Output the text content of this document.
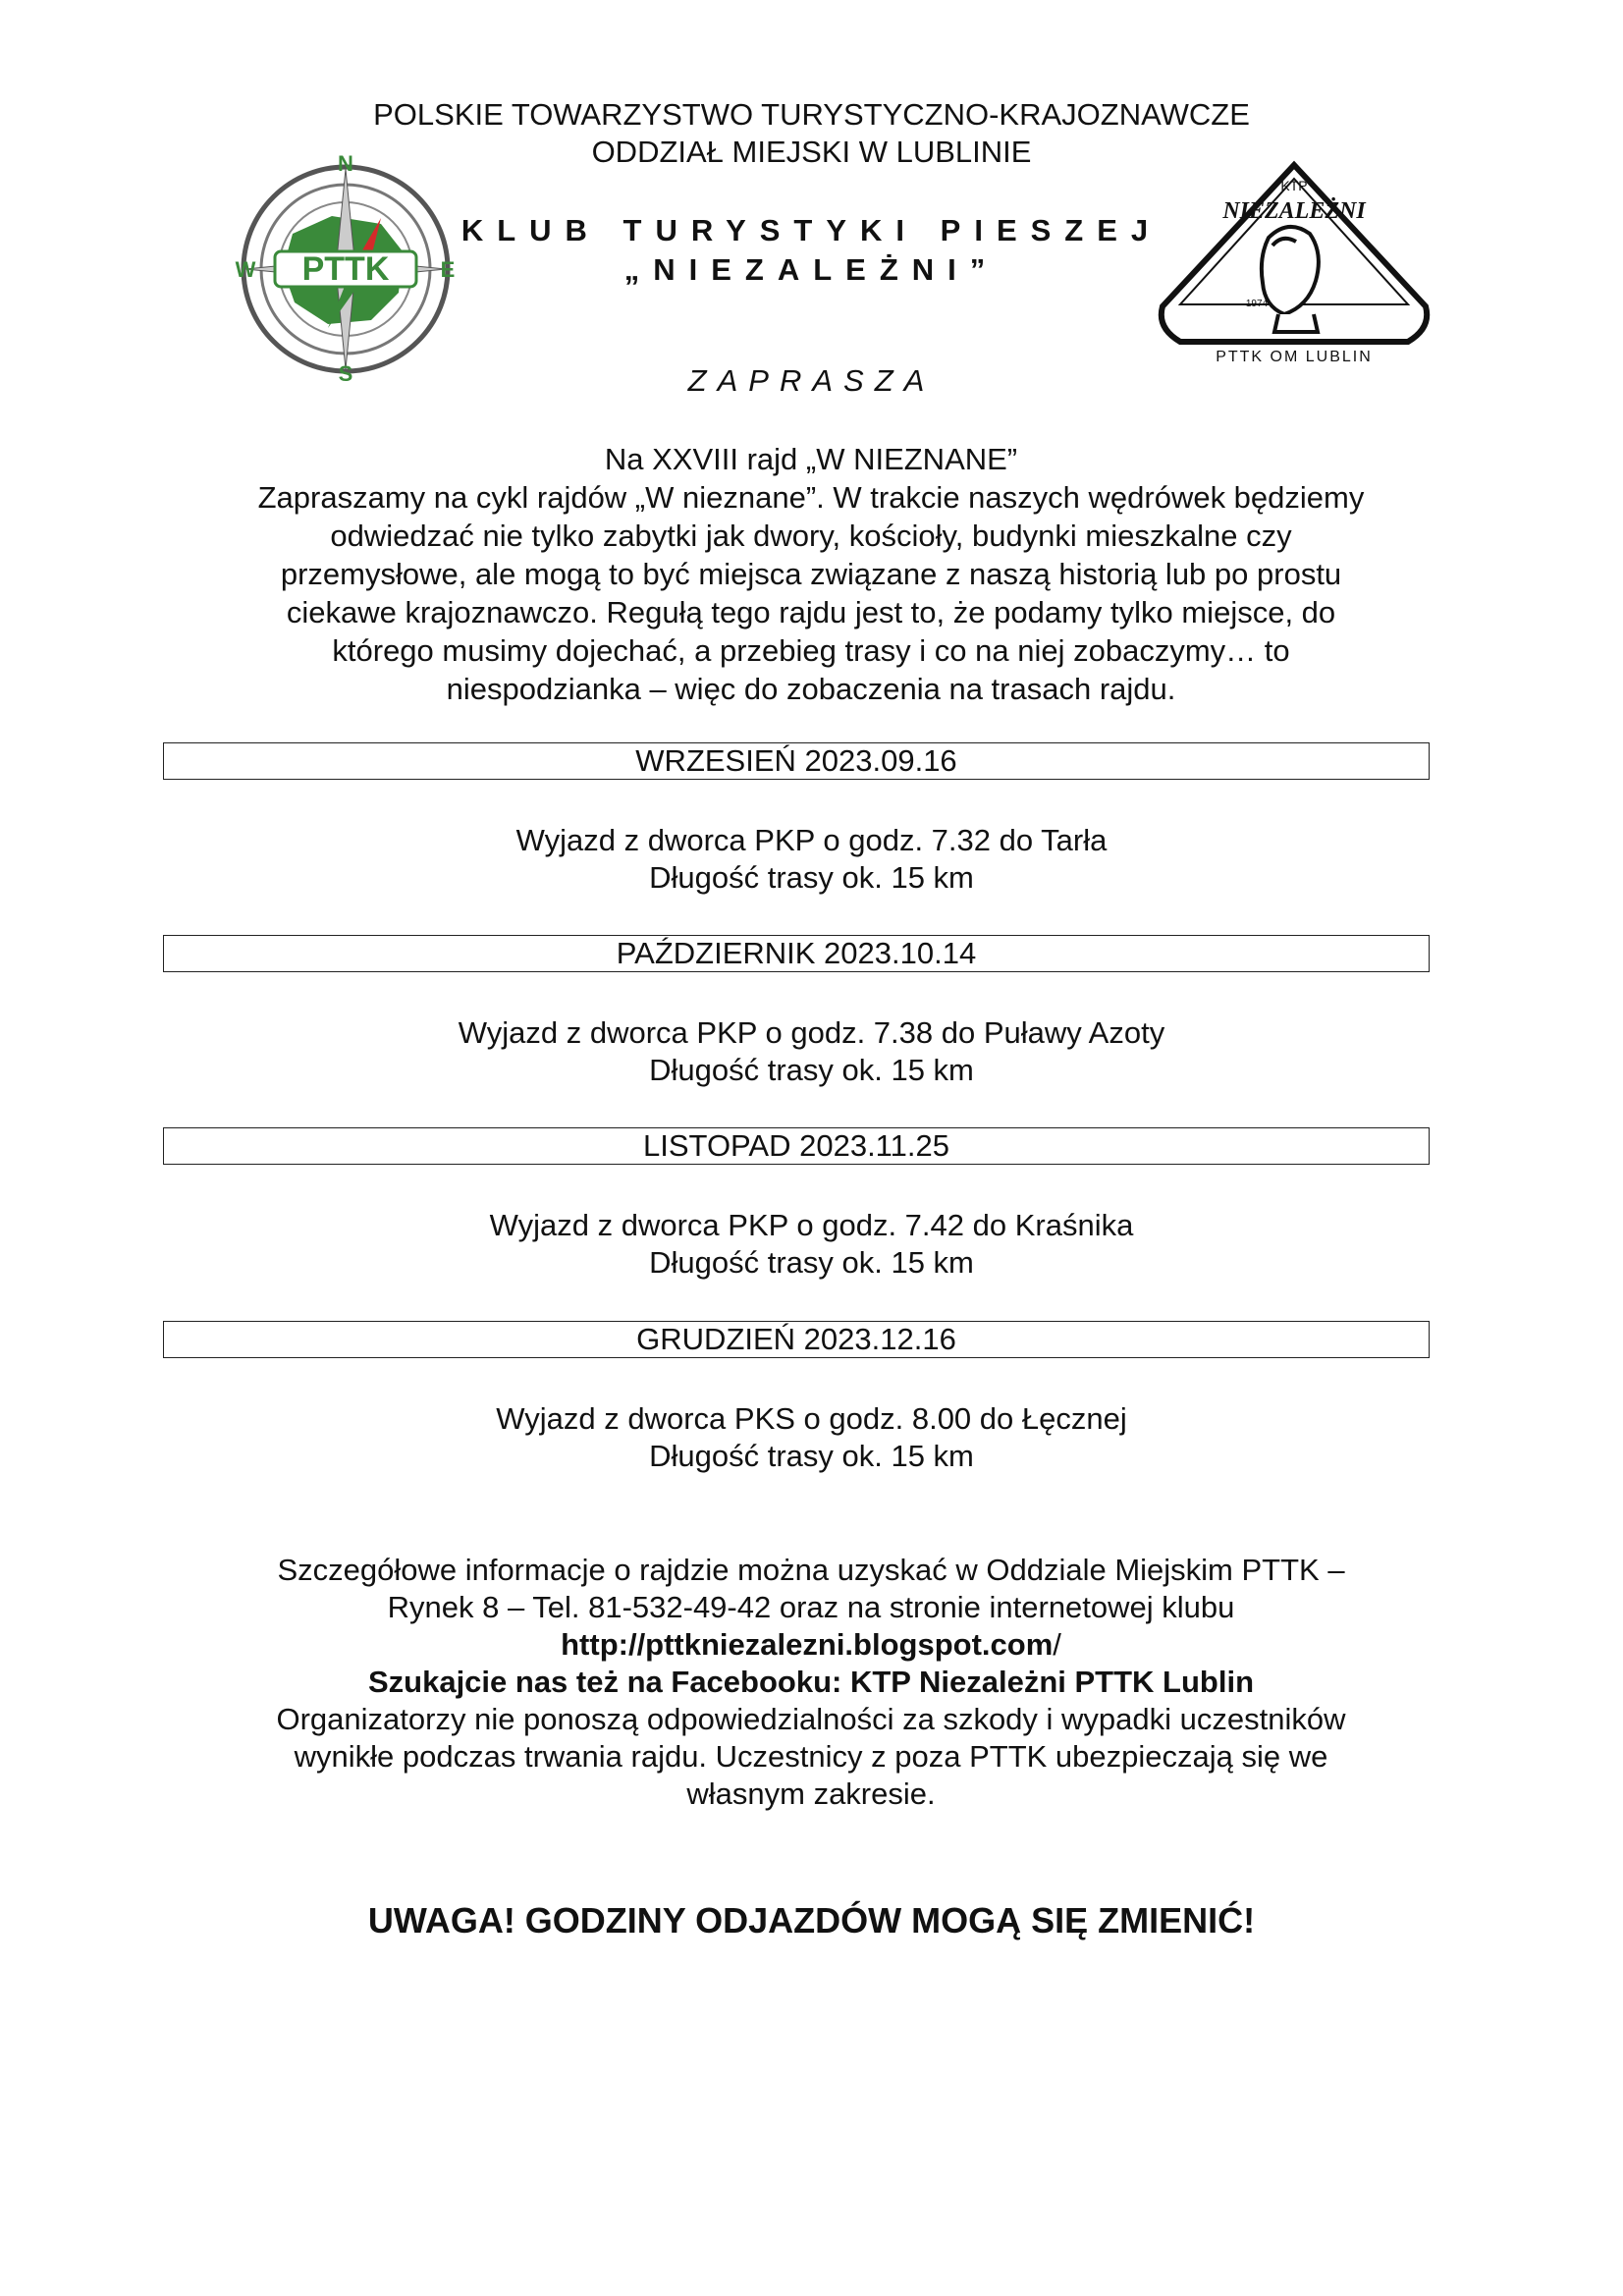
POLSKIE TOWARZYSTWO TURYSTYCZNO-KRAJOZNAWCZE
ODDZIAŁ MIEJSKI W LUBLINIE
PTTK
N
S
W	E
KLUB TURYSTYKI PIESZEJ
„NIEZALEŻNI”
KTP
NIEZALEŻNI
1974
PTTK OM LUBLIN
ZAPRASZA
Na XXVIII rajd „W NIEZNANE”
Zapraszamy na cykl rajdów „W nieznane”. W trakcie naszych wędrówek będziemy
odwiedzać nie tylko zabytki jak dwory, kościoły, budynki mieszkalne czy
przemysłowe, ale mogą to być miejsca związane z naszą historią lub po prostu
ciekawe krajoznawczo. Regułą tego rajdu jest to, że podamy tylko miejsce, do
którego musimy dojechać, a przebieg trasy i co na niej zobaczymy… to
niespodzianka – więc do zobaczenia na trasach rajdu.
WRZESIEŃ 2023.09.16
Wyjazd z dworca PKP o godz. 7.32 do Tarła
Długość trasy ok. 15 km
PAŹDZIERNIK 2023.10.14
Wyjazd z dworca PKP o godz. 7.38 do Puławy Azoty
Długość trasy ok. 15 km
LISTOPAD 2023.11.25
Wyjazd z dworca PKP o godz. 7.42 do Kraśnika
Długość trasy ok. 15 km
GRUDZIEŃ 2023.12.16
Wyjazd z dworca PKS o godz. 8.00 do Łęcznej
Długość trasy ok. 15 km
Szczegółowe informacje o rajdzie można uzyskać w Oddziale Miejskim PTTK –
Rynek 8 – Tel. 81-532-49-42 oraz na stronie internetowej klubu
http://pttkniezalezni.blogspot.com/
Szukajcie nas też na Facebooku: KTP Niezależni PTTK Lublin
Organizatorzy nie ponoszą odpowiedzialności za szkody i wypadki uczestników
wynikłe podczas trwania rajdu. Uczestnicy z poza PTTK ubezpieczają się we
własnym zakresie.
UWAGA! GODZINY ODJAZDÓW MOGĄ SIĘ ZMIENIĆ!
